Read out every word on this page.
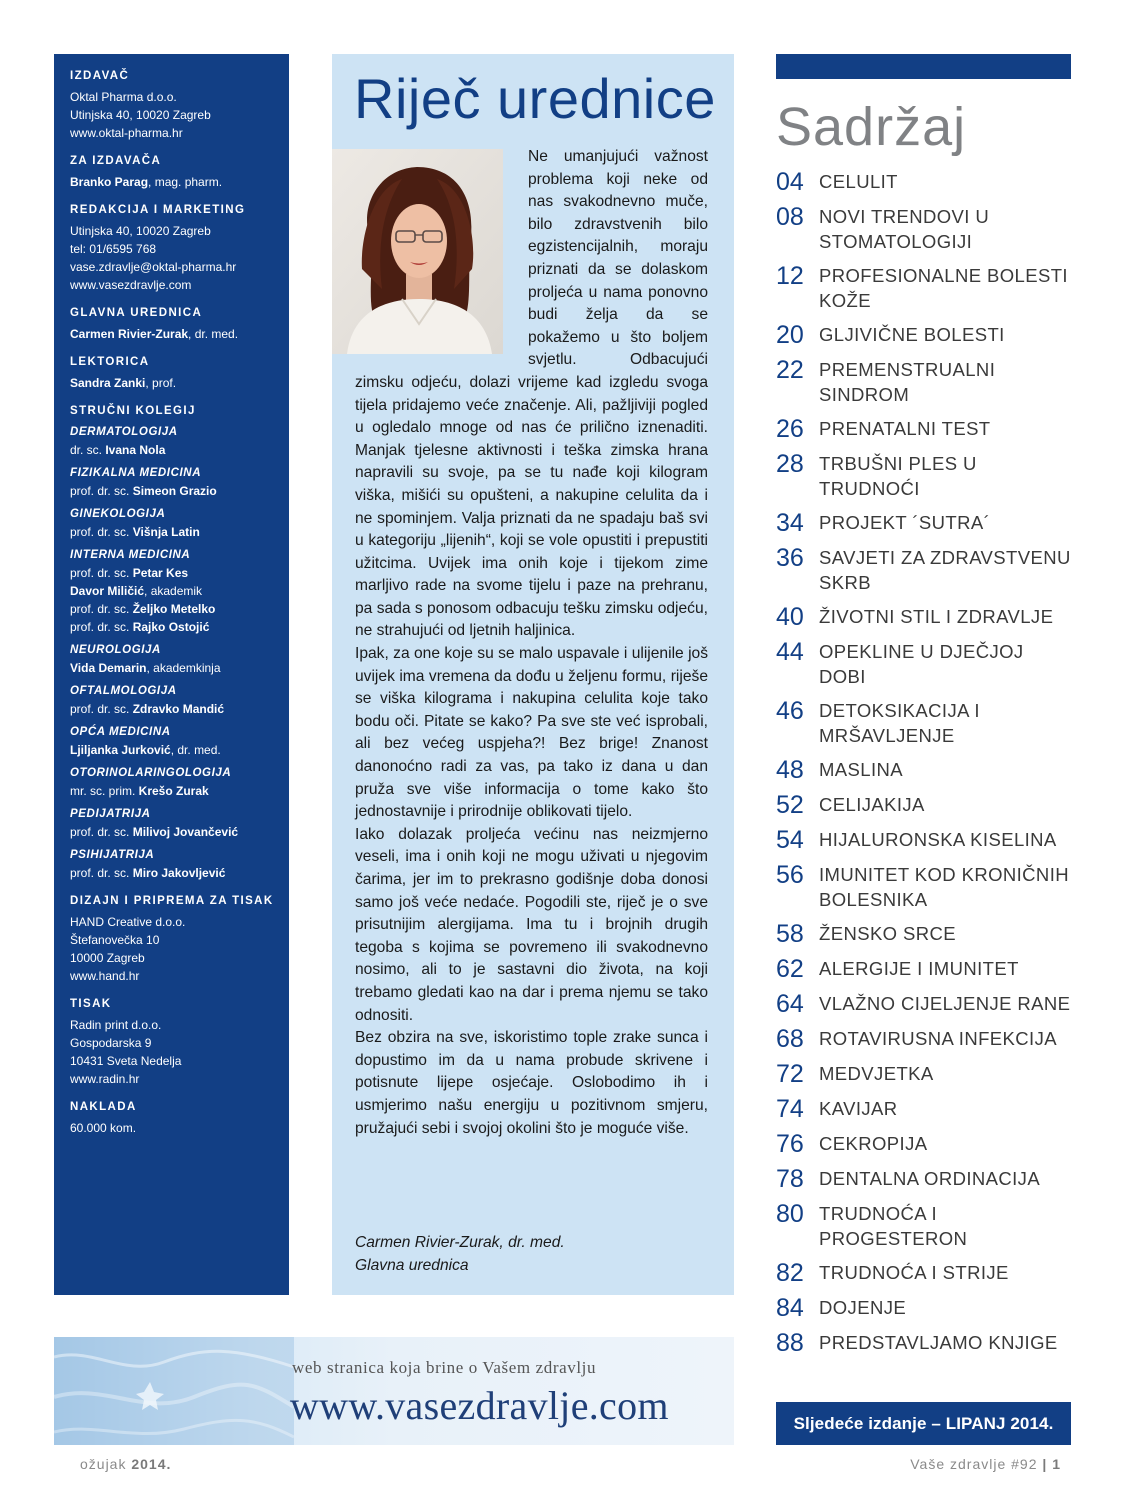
IZDAVAČ
Oktal Pharma d.o.o.
Utinjska 40, 10020 Zagreb
www.oktal-pharma.hr
ZA IZDAVAČA
Branko Parag, mag. pharm.
REDAKCIJA I MARKETING
Utinjska 40, 10020 Zagreb
tel: 01/6595 768
vase.zdravlje@oktal-pharma.hr
www.vasezdravlje.com
GLAVNA UREDNICA
Carmen Rivier-Zurak, dr. med.
LEKTORICA
Sandra Zanki, prof.
STRUČNI KOLEGIJ
DERMATOLOGIJA
dr. sc. Ivana Nola
FIZIKALNA MEDICINA
prof. dr. sc. Simeon Grazio
GINEKOLOGIJA
prof. dr. sc. Višnja Latin
INTERNA MEDICINA
prof. dr. sc. Petar Kes
Davor Miličić, akademik
prof. dr. sc. Željko Metelko
prof. dr. sc. Rajko Ostojić
NEUROLOGIJA
Vida Demarin, akademkinja
OFTALMOLOGIJA
prof. dr. sc. Zdravko Mandić
OPĆA MEDICINA
Ljiljanka Jurković, dr. med.
OTORINOLARINGOLOGIJA
mr. sc. prim. Krešo Zurak
PEDIJATRIJA
prof. dr. sc. Milivoj Jovančević
PSIHIJATRIJA
prof. dr. sc. Miro Jakovljević
DIZAJN I PRIPREMA ZA TISAK
HAND Creative d.o.o.
Štefanovečka 10
10000 Zagreb
www.hand.hr
TISAK
Radin print d.o.o.
Gospodarska 9
10431 Sveta Nedelja
www.radin.hr
NAKLADA
60.000 kom.
Riječ urednice

Ne umanjujući važnost problema koji neke od nas svakodnevno muče, bilo zdravstvenih bilo egzistencijalnih, moraju priznati da se dolaskom proljeća u nama ponovno budi želja da se pokažemo u što boljem svjetlu. Odbacujući zimsku odjeću, dolazi vrijeme kad izgledu svoga tijela pridajemo veće značenje. Ali, pažljiviji pogled u ogledalo mnoge od nas će prilično iznenaditi. Manjak tjelesne aktivnosti i teška zimska hrana napravili su svoje, pa se tu nađe koji kilogram viška, mišići su opušteni, a nakupine celulita da i ne spominjem. Valja priznati da ne spadaju baš svi u kategoriju „lijenih“, koji se vole opustiti i prepustiti užitcima. Uvijek ima onih koje i tijekom zime marljivo rade na svome tijelu i paze na prehranu, pa sada s ponosom odbacuju tešku zimsku odjeću, ne strahujući od ljetnih haljinica.

Ipak, za one koje su se malo uspavale i ulijenile još uvijek ima vremena da dođu u željenu formu, riješe se viška kilograma i nakupina celulita koje tako bodu oči. Pitate se kako? Pa sve ste već isprobali, ali bez većeg uspjeha?! Bez brige! Znanost danonoćno radi za vas, pa tako iz dana u dan pruža sve više informacija o tome kako što jednostavnije i prirodnije oblikovati tijelo.

Iako dolazak proljeća većinu nas neizmjerno veseli, ima i onih koji ne mogu uživati u njegovim čarima, jer im to prekrasno godišnje doba donosi samo još veće nedaće. Pogodili ste, riječ je o sve prisutnijim alergijama. Ima tu i brojnih drugih tegoba s kojima se povremeno ili svakodnevno nosimo, ali to je sastavni dio života, na koji trebamo gledati kao na dar i prema njemu se tako odnositi.

Bez obzira na sve, iskoristimo tople zrake sunca i dopustimo im da u nama probude skrivene i potisnute lijepe osjećaje. Oslobodimo ih i usmjerimo našu energiju u pozitivnom smjeru, pružajući sebi i svojoj okolini što je moguće više.

Carmen Rivier-Zurak, dr. med.
Glavna urednica
Sadržaj
04 CELULIT
08 NOVI TRENDOVI U STOMATOLOGIJI
12 PROFESIONALNE BOLESTI KOŽE
20 GLJIVIČNE BOLESTI
22 PREMENSTRUALNI SINDROM
26 PRENATALNI TEST
28 TRBUŠNI PLES U TRUDNOĆI
34 PROJEKT ´SUTRA´
36 SAVJETI ZA ZDRAVSTVENU SKRB
40 ŽIVOTNI STIL I ZDRAVLJE
44 OPEKLINE U DJEČJOJ DOBI
46 DETOKSIKACIJA I MRŠAVLJENJE
48 MASLINA
52 CELIJAKIJA
54 HIJALURONSKA KISELINA
56 IMUNITET KOD KRONIČNIH BOLESNIKA
58 ŽENSKO SRCE
62 ALERGIJE I IMUNITET
64 VLAŽNO CIJELJENJE RANE
68 ROTAVIRUSNA INFEKCIJA
72 MEDVJETKA
74 KAVIJAR
76 CEKROPIJA
78 DENTALNA ORDINACIJA
80 TRUDNOĆA I PROGESTERON
82 TRUDNOĆA I STRIJE
84 DOJENJE
88 PREDSTAVLJAMO KNJIGE
Sljedeće izdanje – LIPANJ 2014.
web stranica koja brine o Vašem zdravlju
www.vasezdravlje.com
ožujak 2014.	Vaše zdravlje #92 | 1
